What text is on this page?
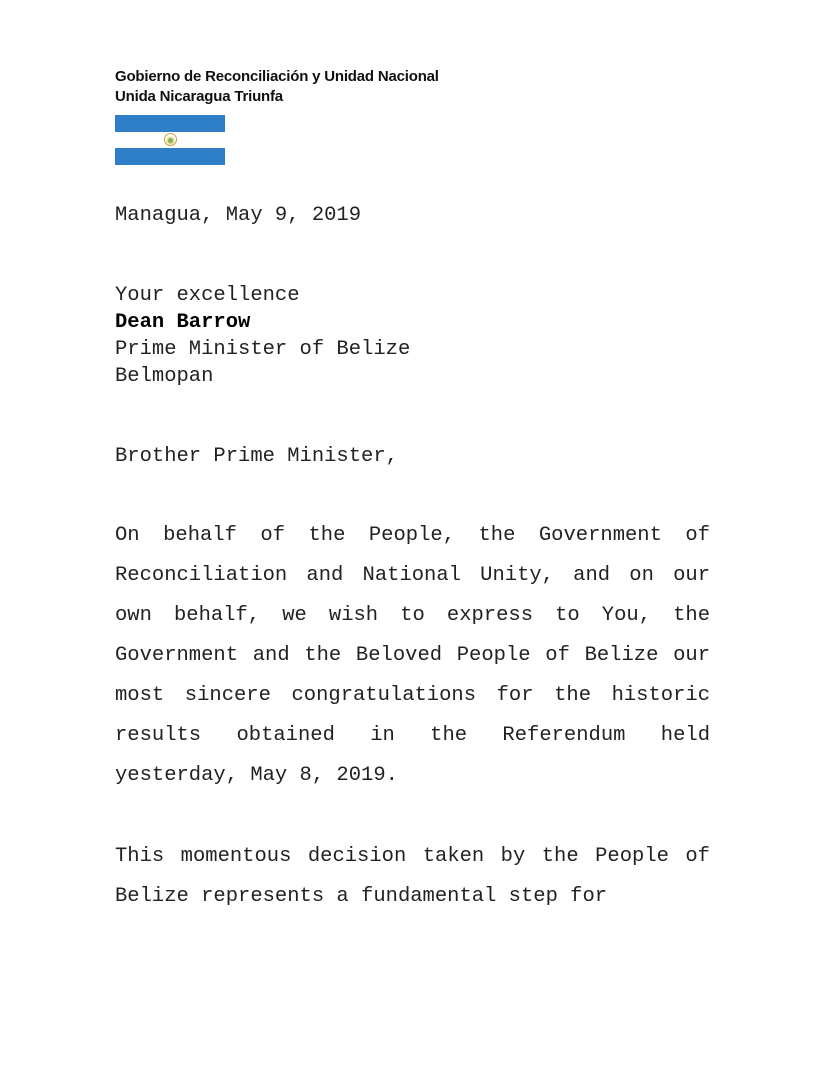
Gobierno de Reconciliación y Unidad Nacional
Unida Nicaragua Triunfa
Managua, May 9, 2019
Your excellence
Dean Barrow
Prime Minister of Belize
Belmopan
Brother Prime Minister,
On behalf of the People, the Government of Reconciliation and National Unity, and on our own behalf, we wish to express to You, the Government and the Beloved People of Belize our most sincere congratulations for the historic results obtained in the Referendum held yesterday, May 8, 2019.
This momentous decision taken by the People of Belize represents a fundamental step for
